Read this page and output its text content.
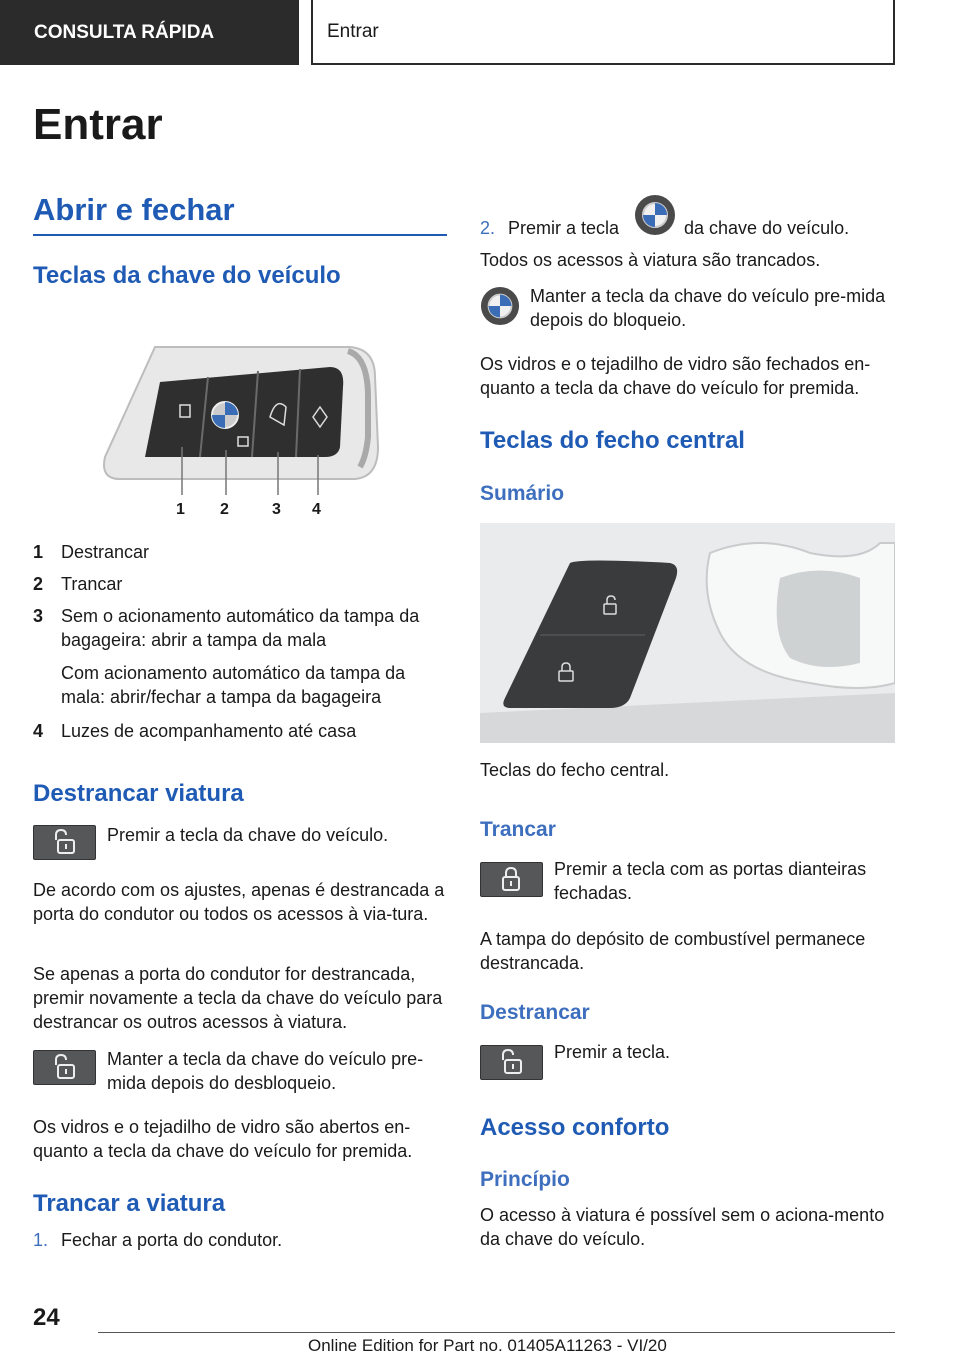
CONSULTA RÁPIDA	Entrar
Entrar
Abrir e fechar
Teclas da chave do veículo
1 2	3 4
1 Destrancar
2 Trancar
3 Sem o acionamento automático da tampa da bagageira: abrir a tampa da mala
Com acionamento automático da tampa da mala: abrir/fechar a tampa da bagageira
4 Luzes de acompanhamento até casa
Destrancar viatura
Premir a tecla da chave do veículo.
De acordo com os ajustes, apenas é destrancada a porta do condutor ou todos os acessos à via-tura.
Se apenas a porta do condutor for destrancada, premir novamente a tecla da chave do veículo para destrancar os outros acessos à viatura.
Manter a tecla da chave do veículo pre-mida depois do desbloqueio.
Os vidros e o tejadilho de vidro são abertos en-quanto a tecla da chave do veículo for premida.
Trancar a viatura
1. Fechar a porta do condutor.
2. Premir a tecla	da chave do veículo.
Todos os acessos à viatura são trancados.
Manter a tecla da chave do veículo pre-mida depois do bloqueio.
Os vidros e o tejadilho de vidro são fechados en-quanto a tecla da chave do veículo for premida.
Teclas do fecho central
Sumário
Teclas do fecho central.
Trancar
Premir a tecla com as portas dianteiras fechadas.
A tampa do depósito de combustível permanece destrancada.
Destrancar
Premir a tecla.
Acesso conforto
Princípio
O acesso à viatura é possível sem o aciona-mento da chave do veículo.
24
Online Edition for Part no. 01405A11263 - VI/20
